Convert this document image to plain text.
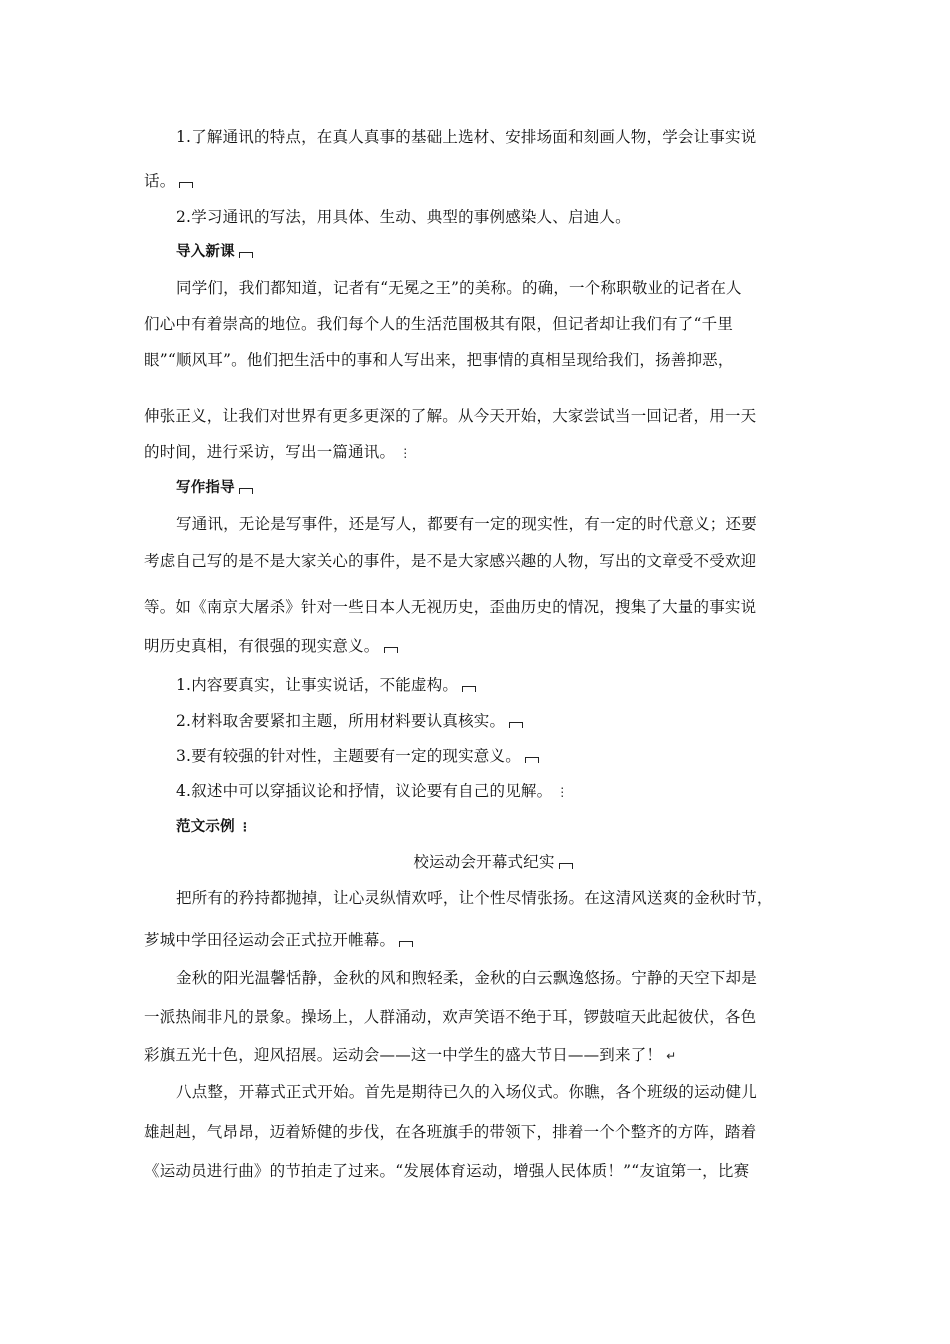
1.了解通讯的特点，在真人真事的基础上选材、安排场面和刻画人物，学会让事实说
话。
2.学习通讯的写法，用具体、生动、典型的事例感染人、启迪人。
导入新课
同学们，我们都知道，记者有“无冕之王”的美称。的确，一个称职敬业的记者在人
们心中有着崇高的地位。我们每个人的生活范围极其有限，但记者却让我们有了“千里
眼”“顺风耳”。他们把生活中的事和人写出来，把事情的真相呈现给我们，扬善抑恶，
伸张正义，让我们对世界有更多更深的了解。从今天开始，大家尝试当一回记者，用一天
的时间，进行采访，写出一篇通讯。 ⋮
写作指导
写通讯，无论是写事件，还是写人，都要有一定的现实性，有一定的时代意义；还要
考虑自己写的是不是大家关心的事件，是不是大家感兴趣的人物，写出的文章受不受欢迎
等。如《南京大屠杀》针对一些日本人无视历史，歪曲历史的情况，搜集了大量的事实说
明历史真相，有很强的现实意义。
1.内容要真实，让事实说话，不能虚构。
2.材料取舍要紧扣主题，所用材料要认真核实。
3.要有较强的针对性，主题要有一定的现实意义。
4.叙述中可以穿插议论和抒情，议论要有自己的见解。 ⋮
范文示例 ⋮
校运动会开幕式纪实
把所有的矜持都抛掉，让心灵纵情欢呼，让个性尽情张扬。在这清风送爽的金秋时节，
芗城中学田径运动会正式拉开帷幕。
金秋的阳光温馨恬静，金秋的风和煦轻柔，金秋的白云飘逸悠扬。宁静的天空下却是
一派热闹非凡的景象。操场上，人群涌动，欢声笑语不绝于耳，锣鼓喧天此起彼伏，各色
彩旗五光十色，迎风招展。运动会——这一中学生的盛大节日——到来了！ ↵
八点整，开幕式正式开始。首先是期待已久的入场仪式。你瞧，各个班级的运动健儿
雄赳赳，气昂昂，迈着矫健的步伐，在各班旗手的带领下，排着一个个整齐的方阵，踏着
《运动员进行曲》的节拍走了过来。“发展体育运动，增强人民体质！”“友谊第一，比赛
